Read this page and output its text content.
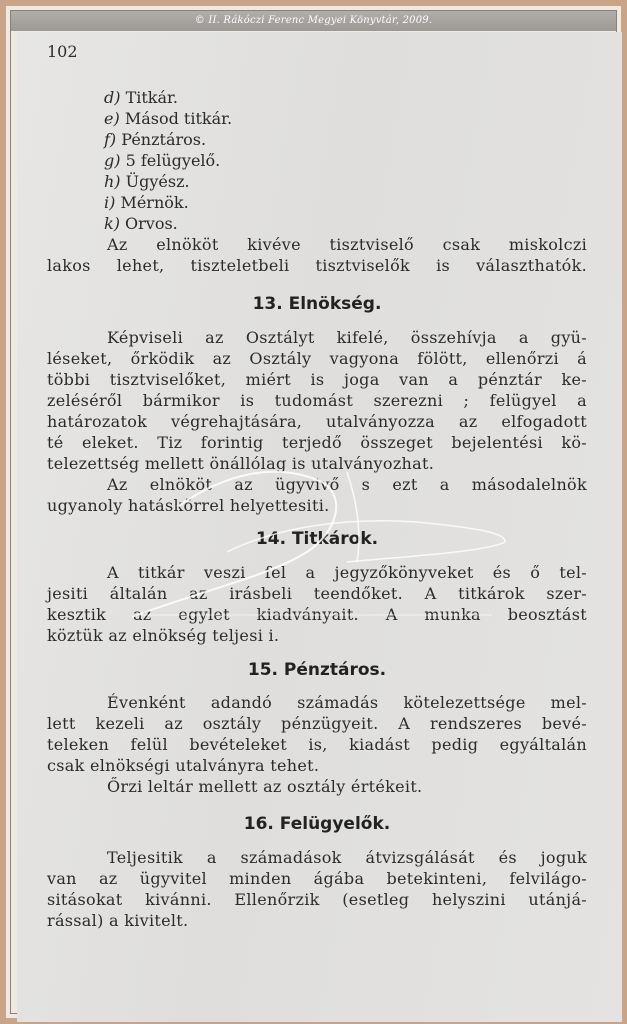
© II. Rákóczi Ferenc Megyei Könyvtár, 2009.
102
d) Titkár.
e) Másod titkár.
f) Pénztáros.
g) 5 felügyelő.
h) Ügyész.
i) Mérnök.
k) Orvos.
Az elnököt kivéve tisztviselő csak miskolczi
lakos lehet, tiszteletbeli tisztviselők is választhatók.
13. Elnökség.
Képviseli az Osztályt kifelé, összehívja a gyü-
léseket, őrködik az Osztály vagyona fölött, ellenőrzi á
többi tisztviselőket, miért is joga van a pénztár ke-
zeléséről bármikor is tudomást szerezni ; felügyel a
határozatok végrehajtására, utalványozza az elfogadott
té eleket. Tiz forintig terjedő összeget bejelentési kö-
telezettség mellett önállólag is utalványozhat.
Az elnököt az ügyvivő s ezt a másodalelnök
ugyanoly hatáskörrel helyettesiti.
14. Titkárok.
A titkár veszi fel a jegyzőkönyveket és ő tel-
jesiti általán az irásbeli teendőket. A titkárok szer-
kesztik az egylet kiadványait. A munka beosztást
köztük az elnökség teljesi i.
15. Pénztáros.
Évenként adandó számadás kötelezettsége mel-
lett kezeli az osztály pénzügyeit. A rendszeres bevé-
teleken felül bevételeket is, kiadást pedig egyáltalán
csak elnökségi utalványra tehet.
Őrzi leltár mellett az osztály értékeit.
16. Felügyelők.
Teljesitik a számadások átvizsgálását és joguk
van az ügyvitel minden ágába betekinteni, felvilágo-
sitásokat kivánni. Ellenőrzik (esetleg helyszini utánjá-
rással) a kivitelt.
